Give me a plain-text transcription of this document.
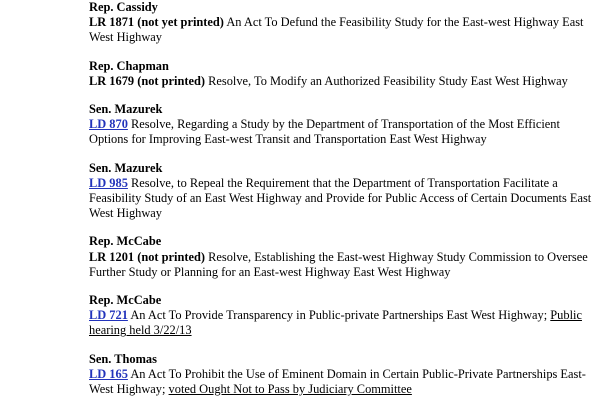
Rep. Cassidy
LR 1871 (not yet printed) An Act To Defund the Feasibility Study for the East-west Highway East West Highway
Rep. Chapman
LR 1679 (not printed) Resolve, To Modify an Authorized Feasibility Study East West Highway
Sen. Mazurek
LD 870 Resolve, Regarding a Study by the Department of Transportation of the Most Efficient Options for Improving East-west Transit and Transportation East West Highway
Sen. Mazurek
LD 985 Resolve, to Repeal the Requirement that the Department of Transportation Facilitate a Feasibility Study of an East West Highway and Provide for Public Access of Certain Documents East West Highway
Rep. McCabe
LR 1201 (not printed) Resolve, Establishing the East-west Highway Study Commission to Oversee Further Study or Planning for an East-west Highway East West Highway
Rep. McCabe
LD 721 An Act To Provide Transparency in Public-private Partnerships East West Highway; Public hearing held 3/22/13
Sen. Thomas
LD 165 An Act To Prohibit the Use of Eminent Domain in Certain Public-Private Partnerships East-West Highway; voted Ought Not to Pass by Judiciary Committee
